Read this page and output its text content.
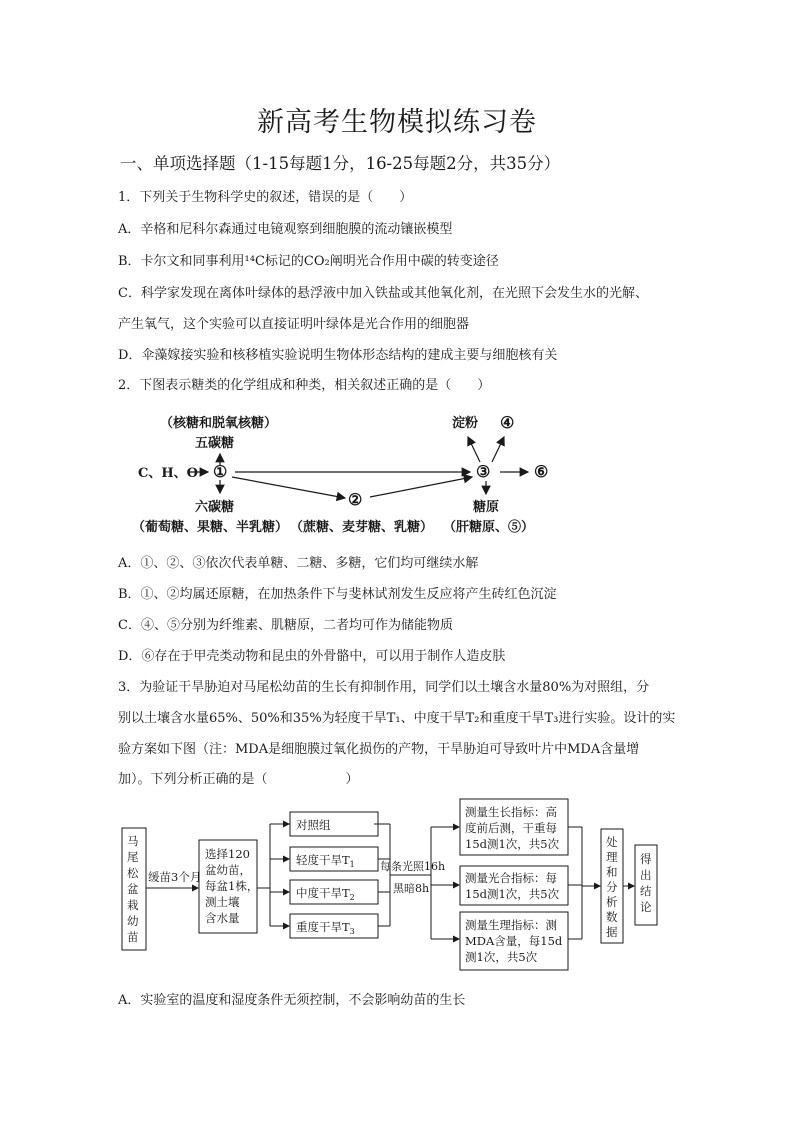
新高考生物模拟练习卷
一、单项选择题（1-15每题1分，16-25每题2分，共35分）
1．下列关于生物科学史的叙述，错误的是（　　）
A．辛格和尼科尔森通过电镜观察到细胞膜的流动镶嵌模型
B．卡尔文和同事利用¹⁴C标记的CO₂阐明光合作用中碳的转变途径
C．科学家发现在离体叶绿体的悬浮液中加入铁盐或其他氧化剂，在光照下会发生水的光解、
产生氧气，这个实验可以直接证明叶绿体是光合作用的细胞器
D．伞藻嫁接实验和核移植实验说明生物体形态结构的建成主要与细胞核有关
2．下图表示糖类的化学组成和种类，相关叙述正确的是（　　）
（核糖和脱氧核糖）
五碳糖
C、H、O ①
②
六碳糖
（葡萄糖、果糖、半乳糖） （蔗糖、麦芽糖、乳糖）
③
淀粉 ④
⑥
糖原
（肝糖原、⑤）
A．①、②、③依次代表单糖、二糖、多糖，它们均可继续水解
B．①、②均属还原糖，在加热条件下与斐林试剂发生反应将产生砖红色沉淀
C．④、⑤分别为纤维素、肌糖原，二者均可作为储能物质
D．⑥存在于甲壳类动物和昆虫的外骨骼中，可以用于制作人造皮肤
3．为验证干旱胁迫对马尾松幼苗的生长有抑制作用，同学们以土壤含水量80%为对照组，分
别以土壤含水量65%、50%和35%为轻度干旱T₁、中度干旱T₂和重度干旱T₃进行实验。设计的实
验方案如下图（注：MDA是细胞膜过氧化损伤的产物，干旱胁迫可导致叶片中MDA含量增
加）。下列分析正确的是（　　　　　　）
马
尾
松
盆
栽
幼
苗
缓苗3个月
选择120
盆幼苗，
每盆1株，
测土壤
含水量
对照组
轻度干旱$T_1$
中度干旱$T_2$
重度干旱$T_3$
每条光照16h
黑暗8h
测量生长指标：高
度前后测，干重每
15d测1次，共5次
测量光合指标：每
15d测1次，共5次
测量生理指标：测
MDA含量，每15d
测1次，共5次
处
理
和
分
析
数
据
得
出
结
论
A．实验室的温度和湿度条件无须控制，不会影响幼苗的生长
